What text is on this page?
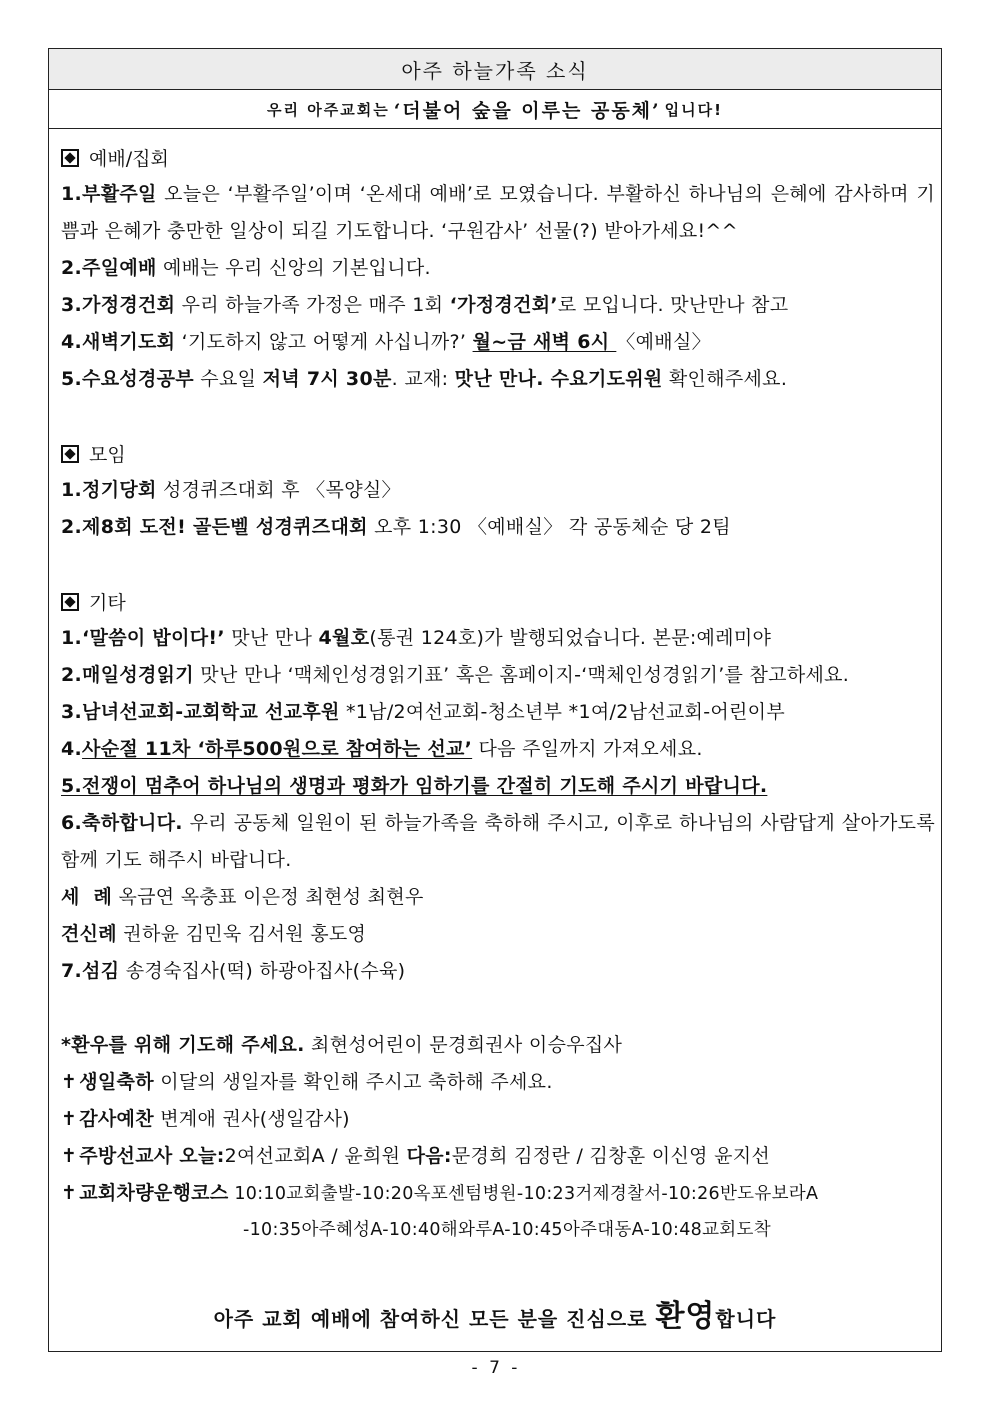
아주 하늘가족 소식
우리 아주교회는 ‘더불어 숲을 이루는 공동체’ 입니다!
예배/집회
1.부활주일 오늘은 ‘부활주일’이며 ‘온세대 예배’로 모였습니다. 부활하신 하나님의 은혜에 감사하며 기쁨과 은혜가 충만한 일상이 되길 기도합니다. ‘구원감사’ 선물(?) 받아가세요!^^
2.주일예배 예배는 우리 신앙의 기본입니다.
3.가정경건회 우리 하늘가족 가정은 매주 1회 ‘가정경건회’로 모입니다. 맛난만나 참고
4.새벽기도회 ‘기도하지 않고 어떻게 사십니까?’ 월~금 새벽 6시 〈예배실〉
5.수요성경공부 수요일 저녁 7시 30분. 교재: 맛난 만나. 수요기도위원 확인해주세요.
모임
1.정기당회 성경퀴즈대회 후 〈목양실〉
2.제8회 도전! 골든벨 성경퀴즈대회 오후 1:30 〈예배실〉 각 공동체순 당 2팀
기타
1.‘말씀이 밥이다!’ 맛난 만나 4월호(통권 124호)가 발행되었습니다. 본문:예레미야
2.매일성경읽기 맛난 만나 ‘맥체인성경읽기표’ 혹은 홈페이지-‘맥체인성경읽기’를 참고하세요.
3.남녀선교회-교회학교 선교후원 *1남/2여선교회-청소년부 *1여/2남선교회-어린이부
4.사순절 11차 ‘하루500원으로 참여하는 선교’ 다음 주일까지 가져오세요.
5.전쟁이 멈추어 하나님의 생명과 평화가 임하기를 간절히 기도해 주시기 바랍니다.
6.축하합니다. 우리 공동체 일원이 된 하늘가족을 축하해 주시고, 이후로 하나님의 사람답게 살아가도록 함께 기도 해주시 바랍니다.
세  례 옥금연 옥충표 이은정 최현성 최현우
견신례 권하윤 김민욱 김서원 홍도영
7.섬김 송경숙집사(떡) 하광아집사(수육)
*환우를 위해 기도해 주세요. 최현성어린이 문경희권사 이승우집사
✝ 생일축하 이달의 생일자를 확인해 주시고 축하해 주세요.
✝ 감사예찬 변계애 권사(생일감사)
✝ 주방선교사 오늘:2여선교회A / 윤희원 다음:문경희 김정란 / 김창훈 이신영 윤지선
✝ 교회차량운행코스 10:10교회출발-10:20옥포센텀병원-10:23거제경찰서-10:26반도유보라A
-10:35아주혜성A-10:40해와루A-10:45아주대동A-10:48교회도착
아주 교회 예배에 참여하신 모든 분을 진심으로 환영합니다
- 7 -
